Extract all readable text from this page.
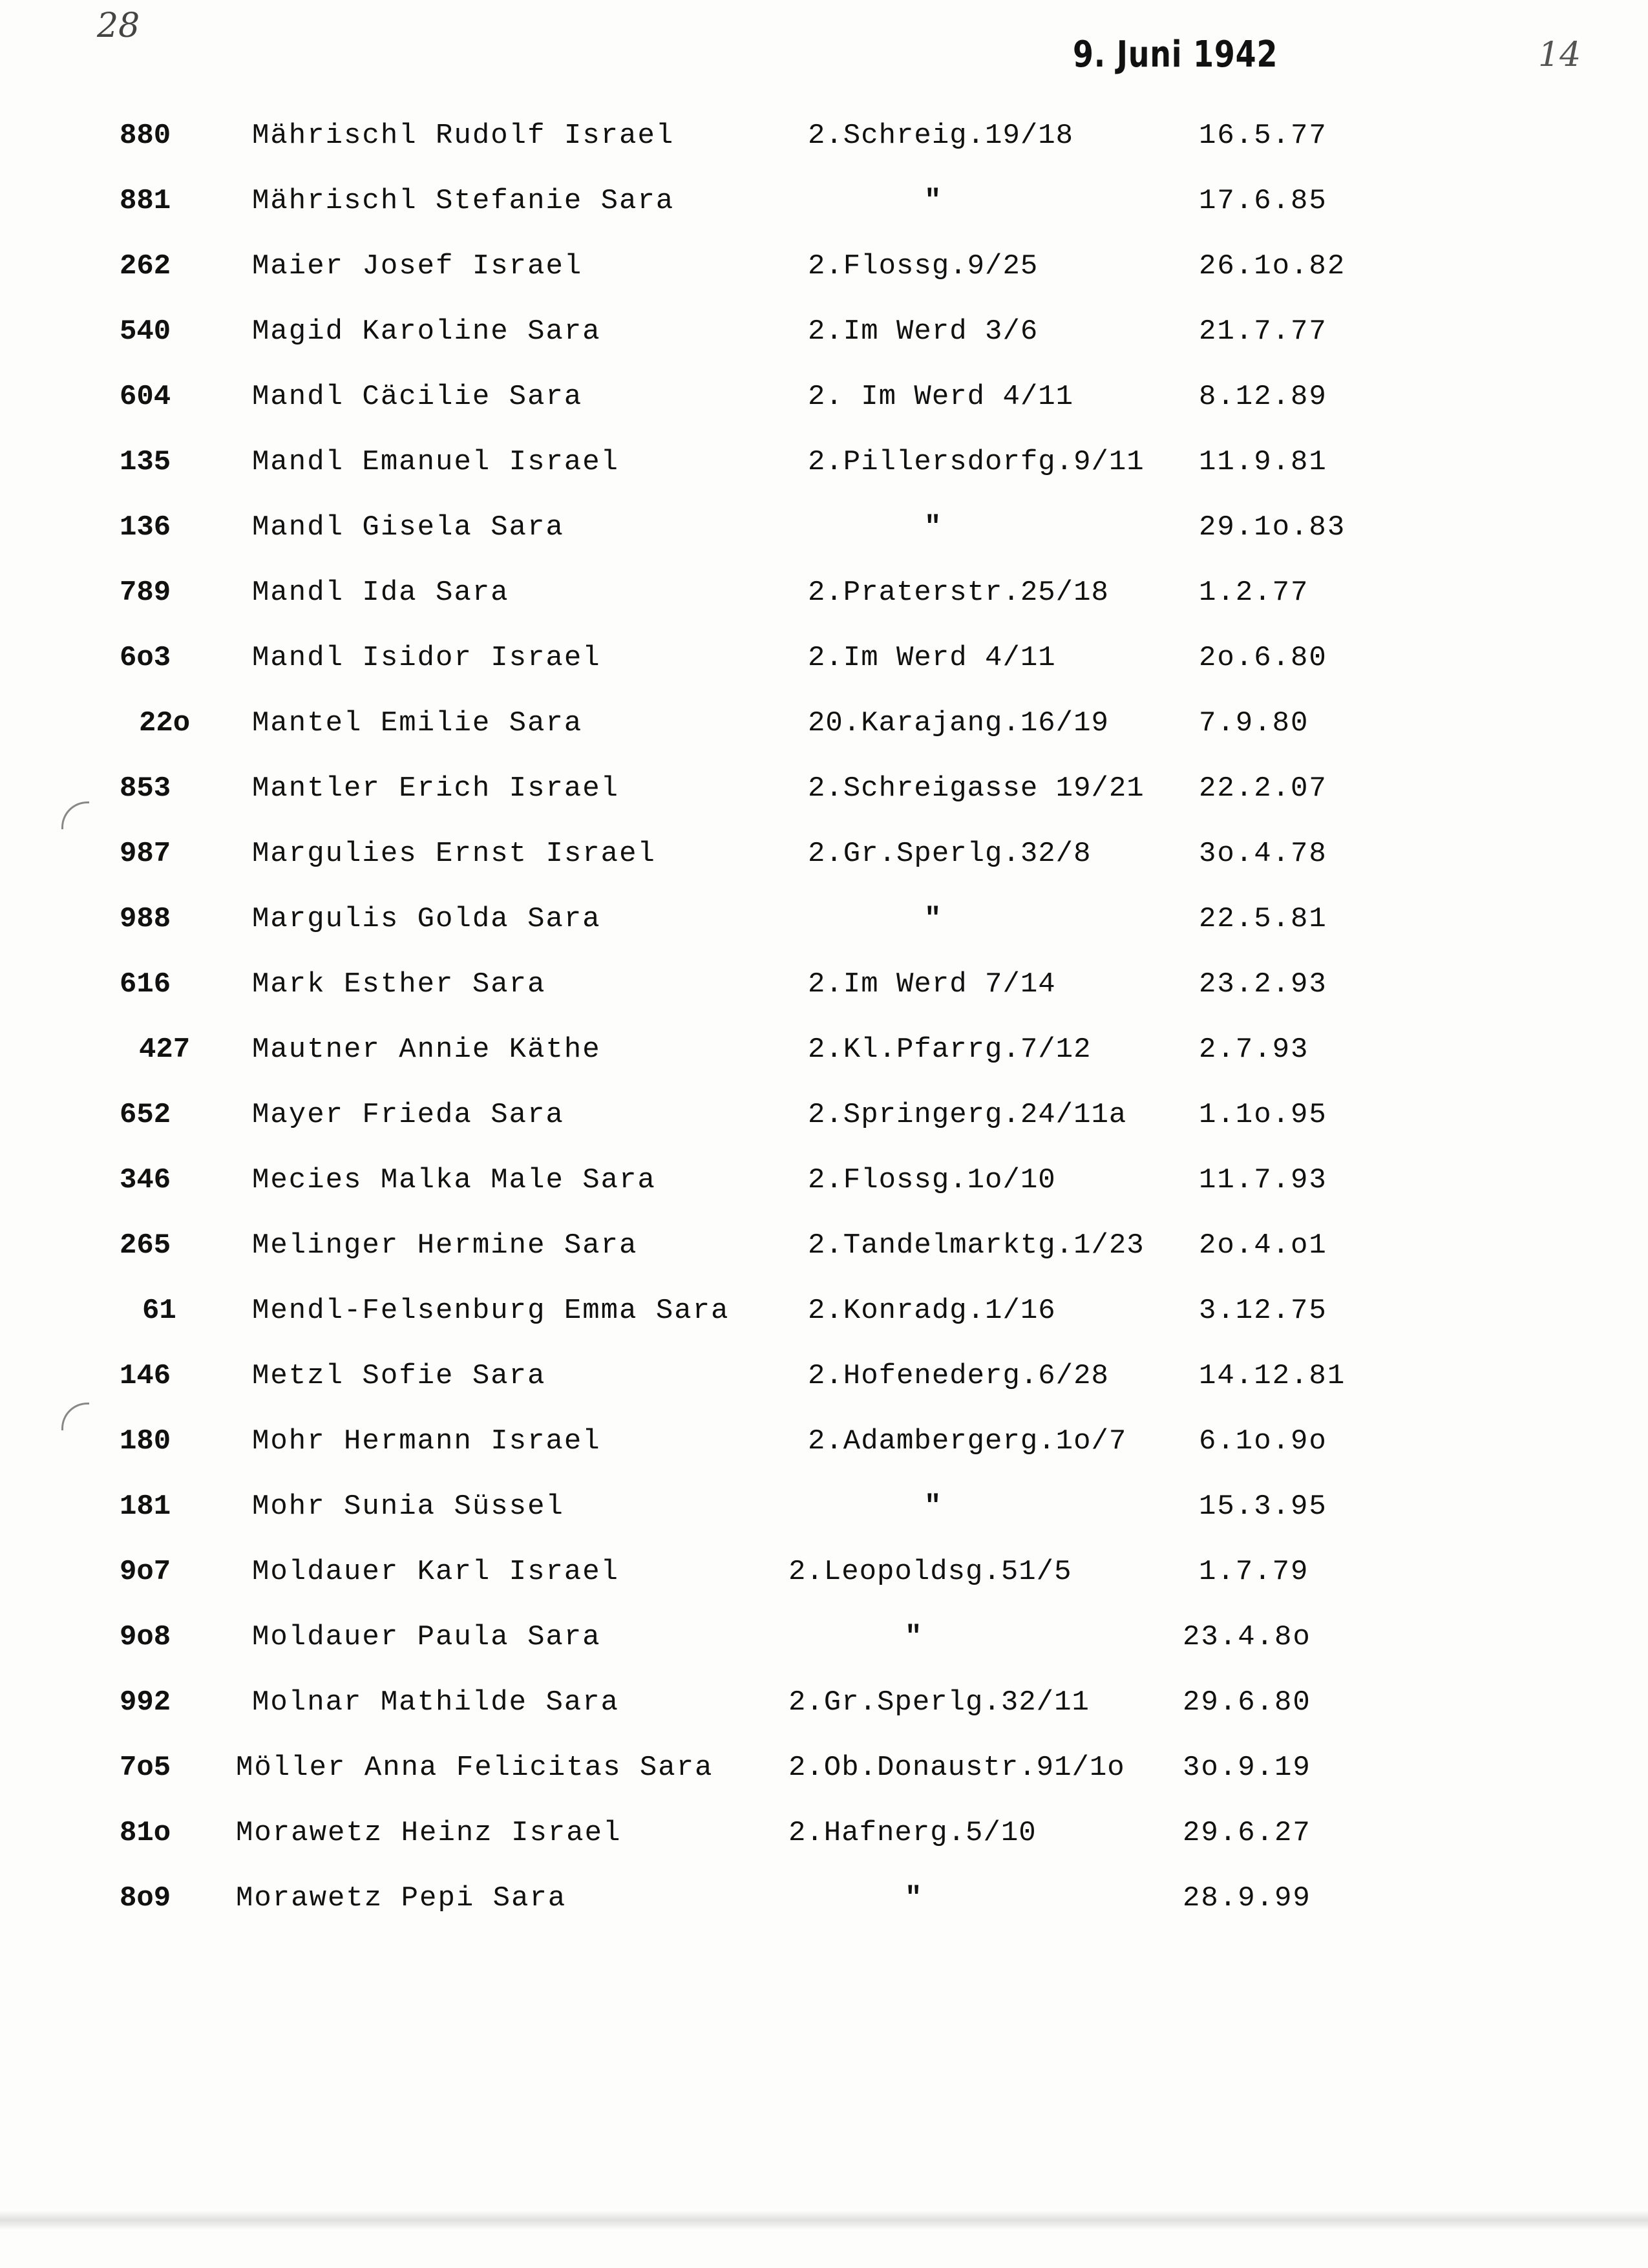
28
9. Juni 1942	14
880	Mährischl Rudolf Israel	2.Schreig.19/18	16.5.77
881	Mährischl Stefanie Sara	"	17.6.85
262	Maier Josef Israel	2.Flossg.9/25	26.1o.82
540	Magid Karoline Sara	2.Im Werd 3/6	21.7.77
604	Mandl Cäcilie Sara	2. Im Werd 4/11	8.12.89
135	Mandl Emanuel Israel	2.Pillersdorfg.9/11	11.9.81
136	Mandl Gisela Sara	"	29.1o.83
789	Mandl Ida Sara	2.Praterstr.25/18	1.2.77
6o3	Mandl Isidor Israel	2.Im Werd 4/11	2o.6.80
22o	Mantel Emilie Sara	20.Karajang.16/19	7.9.80
853	Mantler Erich Israel	2.Schreigasse 19/21	22.2.07
987	Margulies Ernst Israel	2.Gr.Sperlg.32/8	3o.4.78
988	Margulis Golda Sara	"	22.5.81
616	Mark Esther Sara	2.Im Werd 7/14	23.2.93
427	Mautner Annie Käthe	2.Kl.Pfarrg.7/12	2.7.93
652	Mayer Frieda Sara	2.Springerg.24/11a	1.1o.95
346	Mecies Malka Male Sara	2.Flossg.1o/10	11.7.93
265	Melinger Hermine Sara	2.Tandelmarktg.1/23	2o.4.o1
61	Mendl-Felsenburg Emma Sara	2.Konradg.1/16	3.12.75
146	Metzl Sofie Sara	2.Hofenederg.6/28	14.12.81
180	Mohr Hermann Israel	2.Adambergerg.1o/7	6.1o.9o
181	Mohr Sunia Süssel	"	15.3.95
9o7	Moldauer Karl Israel	2.Leopoldsg.51/5	1.7.79
9o8	Moldauer Paula Sara	"	23.4.8o
992	Molnar Mathilde Sara	2.Gr.Sperlg.32/11	29.6.80
7o5	Möller Anna Felicitas Sara	2.Ob.Donaustr.91/1o	3o.9.19
81o	Morawetz Heinz Israel	2.Hafnerg.5/10	29.6.27
8o9	Morawetz Pepi Sara	"	28.9.99
